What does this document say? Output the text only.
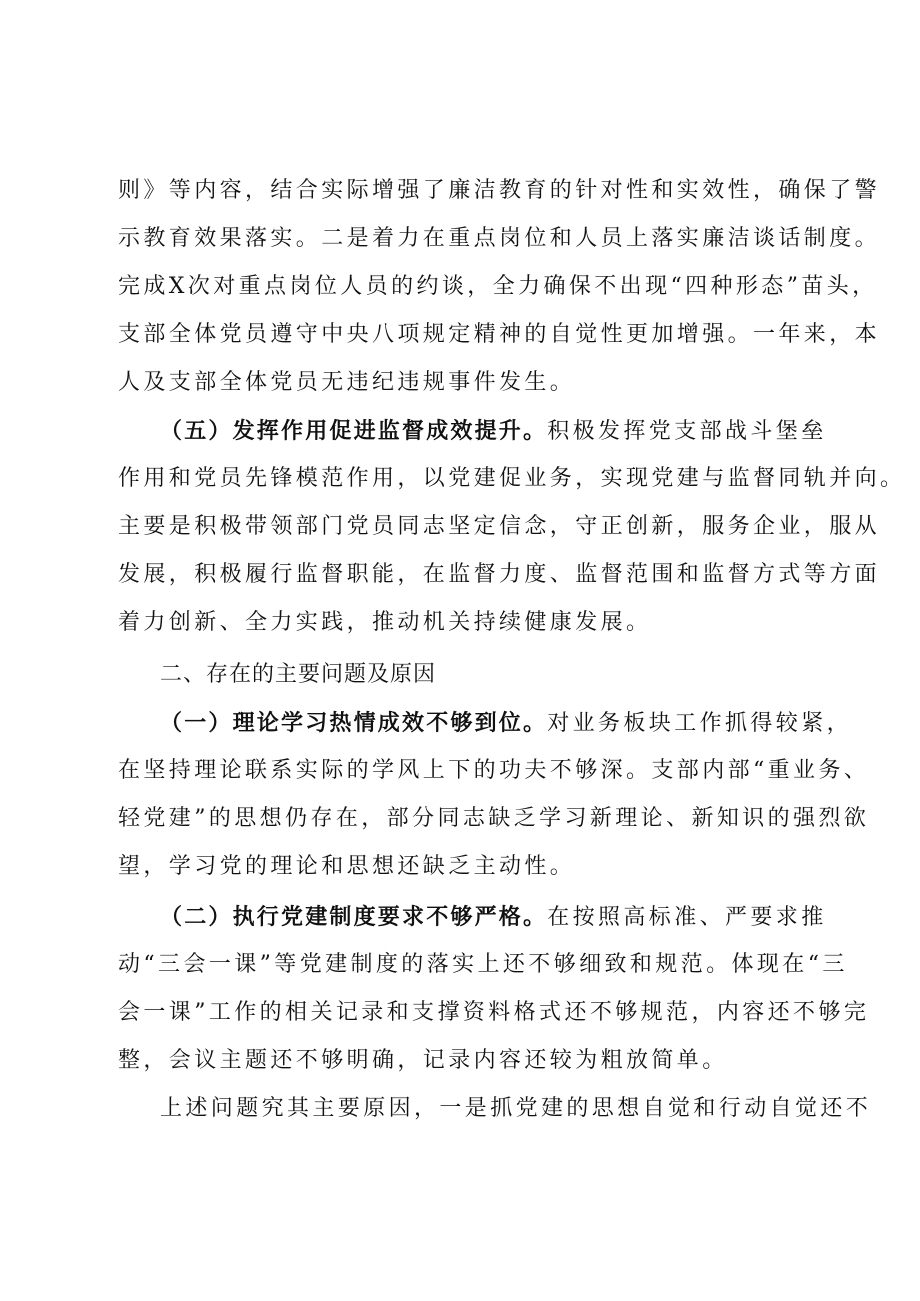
则》等内容，结合实际增强了廉洁教育的针对性和实效性，确保了警
示教育效果落实。二是着力在重点岗位和人员上落实廉洁谈话制度。
完成X次对重点岗位人员的约谈，全力确保不出现“四种形态”苗头，
支部全体党员遵守中央八项规定精神的自觉性更加增强。一年来，本
人及支部全体党员无违纪违规事件发生。
（五）发挥作用促进监督成效提升。积极发挥党支部战斗堡垒
作用和党员先锋模范作用，以党建促业务，实现党建与监督同轨并向。
主要是积极带领部门党员同志坚定信念，守正创新，服务企业，服从
发展，积极履行监督职能，在监督力度、监督范围和监督方式等方面
着力创新、全力实践，推动机关持续健康发展。
二、存在的主要问题及原因
（一）理论学习热情成效不够到位。对业务板块工作抓得较紧，
在坚持理论联系实际的学风上下的功夫不够深。支部内部“重业务、
轻党建”的思想仍存在，部分同志缺乏学习新理论、新知识的强烈欲
望，学习党的理论和思想还缺乏主动性。
（二）执行党建制度要求不够严格。在按照高标准、严要求推
动“三会一课”等党建制度的落实上还不够细致和规范。体现在“三
会一课”工作的相关记录和支撑资料格式还不够规范，内容还不够完
整，会议主题还不够明确，记录内容还较为粗放简单。
上述问题究其主要原因，一是抓党建的思想自觉和行动自觉还不
